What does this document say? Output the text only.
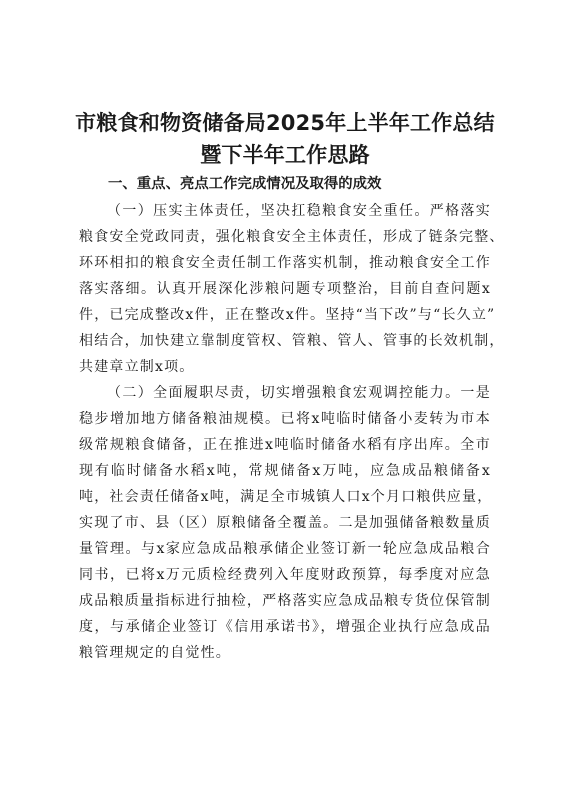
市粮食和物资储备局2025年上半年工作总结
暨下半年工作思路
一、重点、亮点工作完成情况及取得的成效
（一）压实主体责任，坚决扛稳粮食安全重任。严格落实
粮食安全党政同责，强化粮食安全主体责任，形成了链条完整、
环环相扣的粮食安全责任制工作落实机制，推动粮食安全工作
落实落细。认真开展深化涉粮问题专项整治，目前自查问题x
件，已完成整改x件，正在整改x件。坚持“当下改”与“长久立”
相结合，加快建立靠制度管权、管粮、管人、管事的长效机制，
共建章立制x项。
（二）全面履职尽责，切实增强粮食宏观调控能力。一是
稳步增加地方储备粮油规模。已将x吨临时储备小麦转为市本
级常规粮食储备，正在推进x吨临时储备水稻有序出库。全市
现有临时储备水稻x吨，常规储备x万吨，应急成品粮储备x
吨，社会责任储备x吨，满足全市城镇人口x个月口粮供应量，
实现了市、县（区）原粮储备全覆盖。二是加强储备粮数量质
量管理。与x家应急成品粮承储企业签订新一轮应急成品粮合
同书，已将x万元质检经费列入年度财政预算，每季度对应急
成品粮质量指标进行抽检，严格落实应急成品粮专货位保管制
度，与承储企业签订《信用承诺书》，增强企业执行应急成品
粮管理规定的自觉性。
